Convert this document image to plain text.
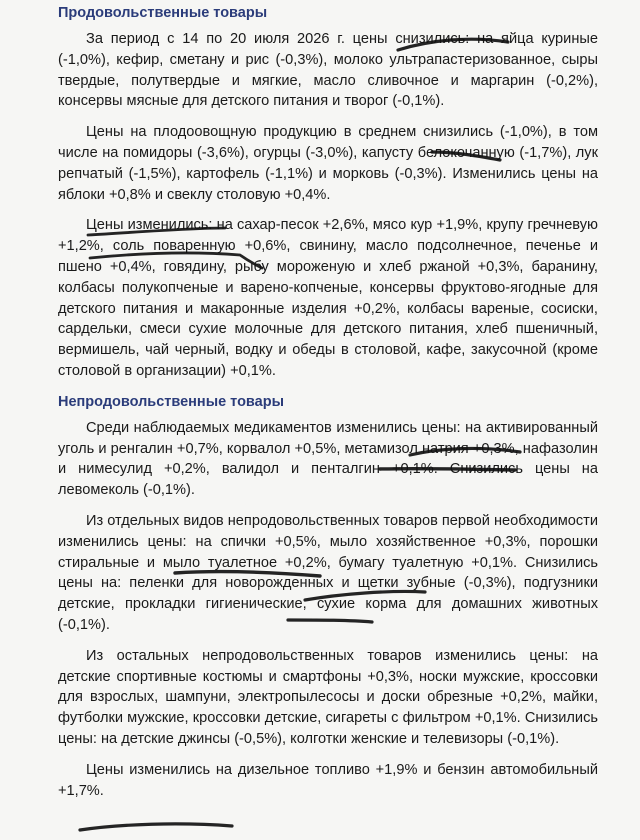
Продовольственные товары

За период с 14 по 20 июля 2026 г. цены снизились: на яйца куриные (-1,0%), кефир, сметану и рис (-0,3%), молоко ультрапастеризованное, сыры твердые, полутвердые и мягкие, масло сливочное и маргарин (-0,2%), консервы мясные для детского питания и творог (-0,1%).

Цены на плодоовощную продукцию в среднем снизились (-1,0%), в том числе на помидоры (-3,6%), огурцы (-3,0%), капусту белокочанную (-1,7%), лук репчатый (-1,5%), картофель (-1,1%) и морковь (-0,3%). Изменились цены на яблоки +0,8% и свеклу столовую +0,4%.

Цены изменились: на сахар-песок +2,6%, мясо кур +1,9%, крупу гречневую +1,2%, соль поваренную +0,6%, свинину, масло подсолнечное, печенье и пшено +0,4%, говядину, рыбу мороженую и хлеб ржаной +0,3%, баранину, колбасы полукопченые и варено-копченые, консервы фруктово-ягодные для детского питания и макаронные изделия +0,2%, колбасы вареные, сосиски, сардельки, смеси сухие молочные для детского питания, хлеб пшеничный, вермишель, чай черный, водку и обеды в столовой, кафе, закусочной (кроме столовой в организации) +0,1%.

Непродовольственные товары

Среди наблюдаемых медикаментов изменились цены: на активированный уголь и ренгалин +0,7%, корвалол +0,5%, метамизол натрия +0,3%, нафазолин и нимесулид +0,2%, валидол и пенталгин +0,1%. Снизились цены на левомеколь (-0,1%).

Из отдельных видов непродовольственных товаров первой необходимости изменились цены: на спички +0,5%, мыло хозяйственное +0,3%, порошки стиральные и мыло туалетное +0,2%, бумагу туалетную +0,1%. Снизились цены на: пеленки для новорожденных и щетки зубные (-0,3%), подгузники детские, прокладки гигиенические, сухие корма для домашних животных (-0,1%).

Из остальных непродовольственных товаров изменились цены: на детские спортивные костюмы и смартфоны +0,3%, носки мужские, кроссовки для взрослых, шампуни, электропылесосы и доски обрезные +0,2%, майки, футболки мужские, кроссовки детские, сигареты с фильтром +0,1%. Снизились цены: на детские джинсы (-0,5%), колготки женские и телевизоры (-0,1%).

Цены изменились на дизельное топливо +1,9% и бензин автомобильный +1,7%.
